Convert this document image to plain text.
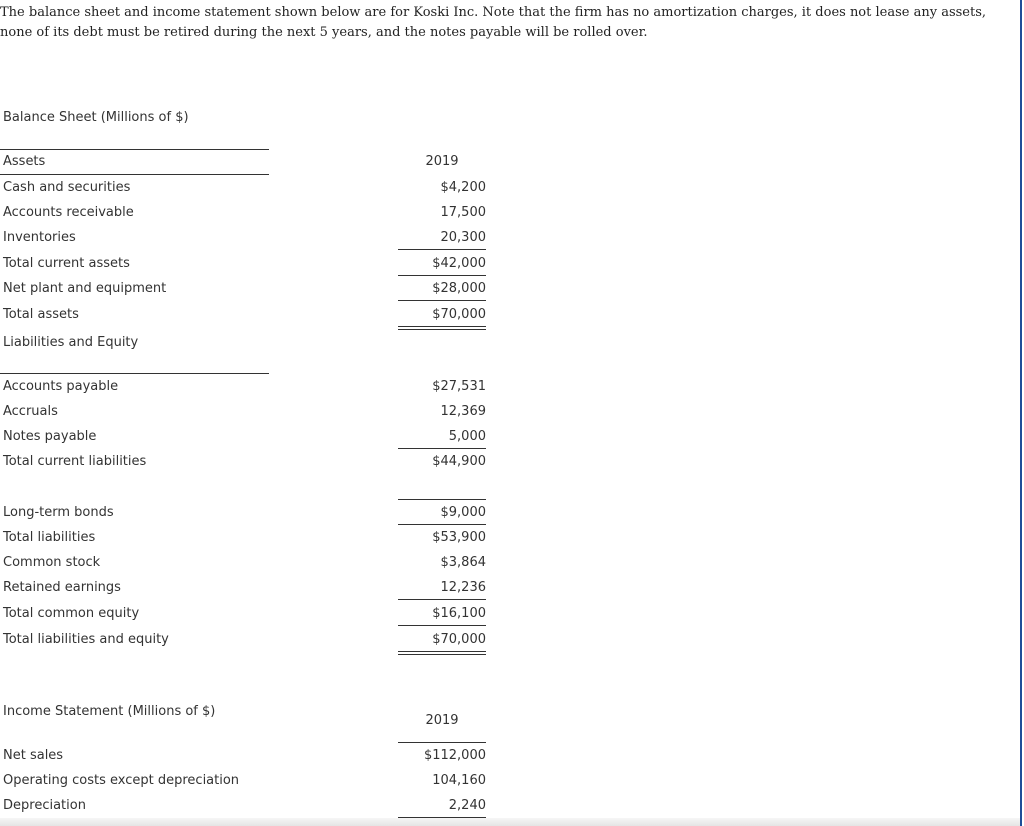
The balance sheet and income statement shown below are for Koski Inc. Note that the firm has no amortization charges, it does not lease any assets, none of its debt must be retired during the next 5 years, and the notes payable will be rolled over.

Balance Sheet (Millions of $)
Assets	2019
Cash and securities	$4,200
Accounts receivable	17,500
Inventories	20,300
Total current assets	$42,000
Net plant and equipment	$28,000
Total assets	$70,000
Liabilities and Equity
Accounts payable	$27,531
Accruals	12,369
Notes payable	5,000
Total current liabilities	$44,900
Long-term bonds	$9,000
Total liabilities	$53,900
Common stock	$3,864
Retained earnings	12,236
Total common equity	$16,100
Total liabilities and equity	$70,000
Income Statement (Millions of $)
2019
Net sales	$112,000
Operating costs except depreciation	104,160
Depreciation	2,240
